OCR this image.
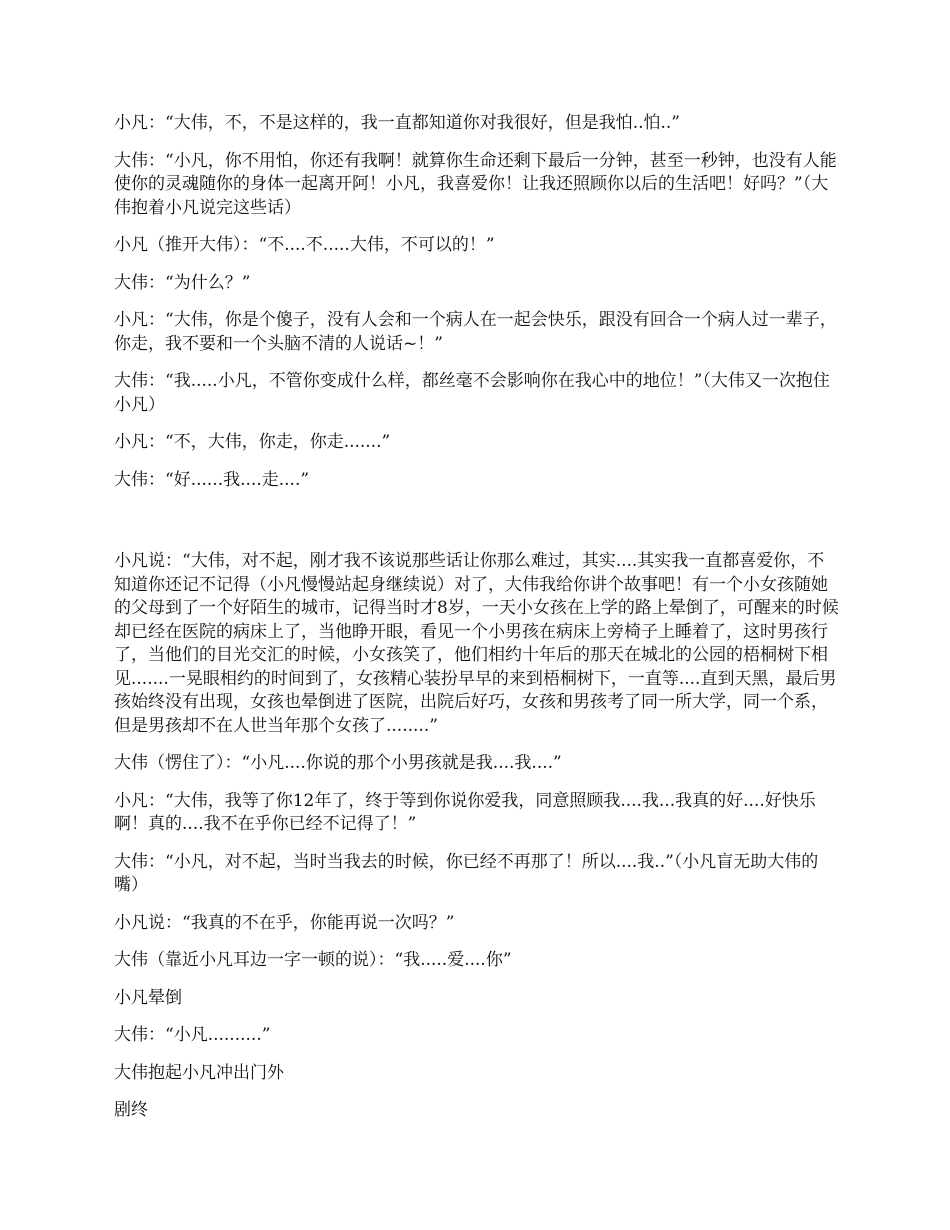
小凡：“大伟，不，不是这样的，我一直都知道你对我很好，但是我怕..怕..”

大伟：“小凡，你不用怕，你还有我啊！就算你生命还剩下最后一分钟，甚至一秒钟，也没有人能使你的灵魂随你的身体一起离开阿！小凡，我喜爱你！让我还照顾你以后的生活吧！好吗？”（大伟抱着小凡说完这些话）

小凡（推开大伟）：“不....不.....大伟，不可以的！”

大伟：“为什么？”

小凡：“大伟，你是个傻子，没有人会和一个病人在一起会快乐，跟没有回合一个病人过一辈子，你走，我不要和一个头脑不清的人说话~！”

大伟：“我.....小凡，不管你变成什么样，都丝毫不会影响你在我心中的地位！”（大伟又一次抱住小凡）

小凡：“不，大伟，你走，你走.......”

大伟：“好......我....走....”

小凡说：“大伟，对不起，刚才我不该说那些话让你那么难过，其实....其实我一直都喜爱你，不知道你还记不记得（小凡慢慢站起身继续说）对了，大伟我给你讲个故事吧！有一个小女孩随她的父母到了一个好陌生的城市，记得当时才8岁，一天小女孩在上学的路上晕倒了，可醒来的时候却已经在医院的病床上了，当他睁开眼，看见一个小男孩在病床上旁椅子上睡着了，这时男孩行了，当他们的目光交汇的时候，小女孩笑了，他们相约十年后的那天在城北的公园的梧桐树下相见.......一晃眼相约的时间到了，女孩精心装扮早早的来到梧桐树下，一直等....直到天黑，最后男孩始终没有出现，女孩也晕倒进了医院，出院后好巧，女孩和男孩考了同一所大学，同一个系，但是男孩却不在人世当年那个女孩了........”

大伟（愣住了）：“小凡....你说的那个小男孩就是我....我....”

小凡：“大伟，我等了你12年了，终于等到你说你爱我，同意照顾我....我...我真的好....好快乐啊！真的....我不在乎你已经不记得了！”

大伟：“小凡，对不起，当时当我去的时候，你已经不再那了！所以....我..”（小凡盲无助大伟的嘴）

小凡说：“我真的不在乎，你能再说一次吗？”

大伟（靠近小凡耳边一字一顿的说）：“我.....爱....你”

小凡晕倒

大伟：“小凡..........”

大伟抱起小凡冲出门外

剧终
